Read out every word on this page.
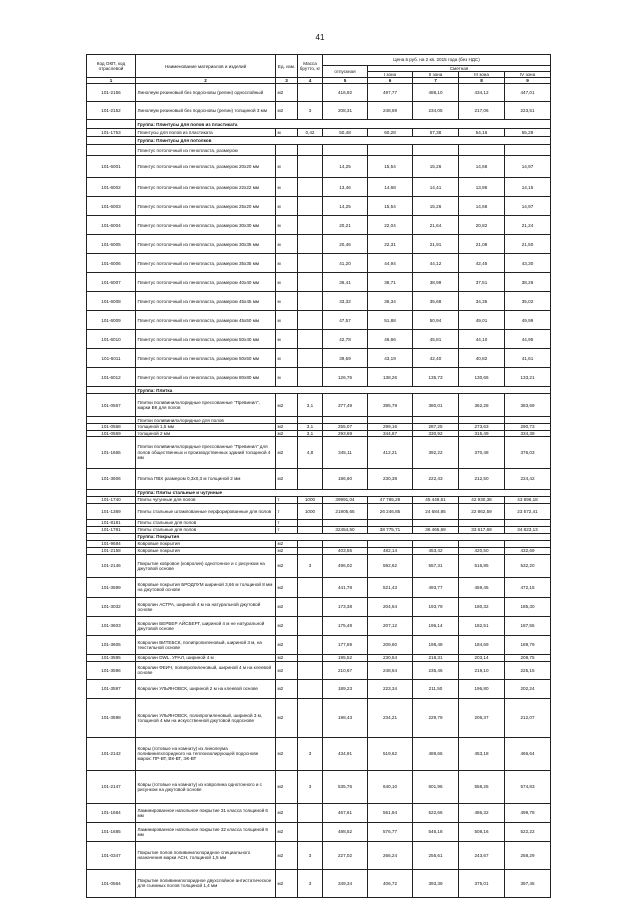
41
Код ОКП, код отраслевой	Наименование материалов и изделий	Ед. изм.	Масса брутто, кг	Цена в руб. на 2 кв. 2015 года (без НДС)				
				отпускная	Сметная			
					I зона	II зона	III зона	IV зона
1	2	3	4	5	6	7	8	9
101-2156	Линолеум резиновый без подосновы (релин) однослойный	м2		416,92	497,77	488,10	434,12	447,01
101-2152	Линолеум резиновый без подосновы (релин) толщиной 3 мм	м2	3	208,31	248,69	234,05	217,06	223,51
	Группа: Плинтусы для полов из пластиката							
101-1753	Плинтусы для полов из пластиката	м	0,42	50,48	60,28	57,38	54,16	55,29
	Группа: Плинтусы для потолков							
	Плинтус потолочный из пенопласта, размером							
101-6001	Плинтус потолочный из пенопласта, размером 20х20 мм	м		14,25	15,54	15,26	14,68	14,97
101-6002	Плинтус потолочный из пенопласта, размером 22х22 мм	м		13,46	14,68	14,41	13,86	14,15
101-6003	Плинтус потолочный из пенопласта, размером 25х20 мм	м		14,25	15,54	15,26	14,68	14,97
101-6004	Плинтус потолочный из пенопласта, размером 30х30 мм	м		20,21	22,04	21,64	20,82	21,24
101-6005	Плинтус потолочный из пенопласта, размером 30х35 мм	м		20,46	22,31	21,91	21,08	21,50
101-6006	Плинтус потолочный из пенопласта, размером 35х35 мм	м		41,20	44,94	44,12	42,45	43,30
101-6007	Плинтус потолочный из пенопласта, размером 40х40 мм	м		36,41	38,71	38,99	37,51	38,26
101-6008	Плинтус потолочный из пенопласта, размером 45х45 мм	м		33,32	36,34	35,68	34,35	35,02
101-6009	Плинтус потолочный из пенопласта, размером 45х50 мм	м		47,57	51,88	50,94	49,01	49,99
101-6010	Плинтус потолочный из пенопласта, размером 50х40 мм	м		42,78	46,66	45,81	44,10	44,95
101-6011	Плинтус потолочный из пенопласта, размером 50х50 мм	м		39,59	43,19	42,40	40,82	41,61
101-6012	Плинтус потолочный из пенопласта, размером 80х80 мм	м		126,76	138,26	135,73	130,66	133,21
	Группа: Плитка							
101-0567	Плитки поливинилхлоридные прессованные "Превинил", марки ВК для полов	м2	3,1	377,49	395,79	380,01	362,28	383,69
	Плитки поливинилхлоридные для полов							
101-0568	толщиной 1,5 мм	м2	3,1	255,07	299,16	287,25	273,63	290,73
101-0569	толщиной 2 мм	м2	3,1	293,69	344,67	330,92	315,49	334,39
101-1665	Плитки поливинилхлоридные прессованные "Превинил" для полов общественных и производственных зданий толщиной 4 мм	м2	4,8	345,11	412,21	392,22	370,48	376,03
101-3606	Плитка ПВХ размером 0,3х0,3 м толщиной 2 мм	м2		186,60	230,38	222,43	212,50	224,42
	Группа: Плиты стальные и чугунные							
101-1740	Плиты чугунные для полов	т	1000	39991,04	47 765,29	45 449,61	42 930,38	43 896,18
101-1369	Плиты стальные штампованные перфорированные для полов	т	1000	21905,65	26 246,85	24 684,85	22 862,59	23 572,41
101-8181	Плиты стальные для полов	т						
101-1781	Плиты стальные для полов	т		32454,50	38 775,71	36 465,69	33 617,69	34 823,13
	Группа: Покрытия							
101-9684	Ковровые покрытия	м2						
101-2158	Ковровые покрытия	м2		403,55	482,14	453,42	420,50	432,69
101-2146	Покрытие ковровое (ковролин) однотонное и с рисунком на джутовой основе	м2	3	496,02	592,62	557,31	516,85	532,20
101-3599	Ковровые покрытия БРОДЛУМ шириной 3,66 м толщиной 8 мм на джутовой основе	м2		441,78	521,43	493,77	459,45	472,15
101-3032	Ковролин АСТРА, шириной 4 м на натуральной джутовой основе	м2		173,38	204,64	193,79	180,32	185,30
101-3603	Ковролин БЕРБЕР АЙСБЕРГ, шириной 4 м не натуральной джутовой основе	м2		175,48	207,12	196,14	182,51	187,55
101-3605	Ковролин ВИТЕБСК, полипропиленовый, шириной 3 м, на текстильной основе	м2		177,59	209,60	198,48	184,69	189,79
101-3595	Ковролин DWL. УРАЛ, шириной 4 м	м2		195,52	230,54	218,31	203,14	208,75
101-3596	Ковролин ФЕИЧ, полипропиленовый, шириной 4 м на клеевой основе	м2		210,67	248,64	235,46	219,10	225,15
101-3597	Ковролин УЛЬЯНОВСК, шириной 2 м на клеевой основе	м2		189,23	223,34	211,50	196,80	202,24
101-3598	Ковролин УЛЬЯНОВСК, полипропиленовый, шириной 3 м, толщиной 4 мм на искусственной джутовой подоснове	м2		198,43	234,21	229,79	206,37	212,07
101-2142	Ковры (готовые на комнату) из линолеума поливинилхлоридного на теплоизолирующей подоснове марок: ПР-ВТ, ВК-ВТ, ЭК-ВТ	м2	3	434,91	519,62	488,66	453,18	466,64
101-2147	Ковры (готовые на комнату) из ковролина однотонного и с рисунком на джутовой основе	м2	3	535,76	640,10	601,96	558,25	574,83
101-1684	Ламинированное напольное покрытие 31 класса толщиной 6 мм	м2		467,61	551,94	522,66	486,32	499,78
101-1685	Ламинированное напольное покрытие 32 класса толщиной 8 мм	м2		488,52	576,77	546,18	508,16	522,22
101-0347	Покрытие полов поливинилхлоридное специального назначения марки АСН, толщиной 1,5 мм	м2	3	227,02	266,24	255,61	243,67	258,29
101-0564	Покрытие поливинилхлоридное двухслойное антистатическое для съемных полов толщиной 1,4 мм	м2	3	349,34	406,72	393,39	375,01	397,45
